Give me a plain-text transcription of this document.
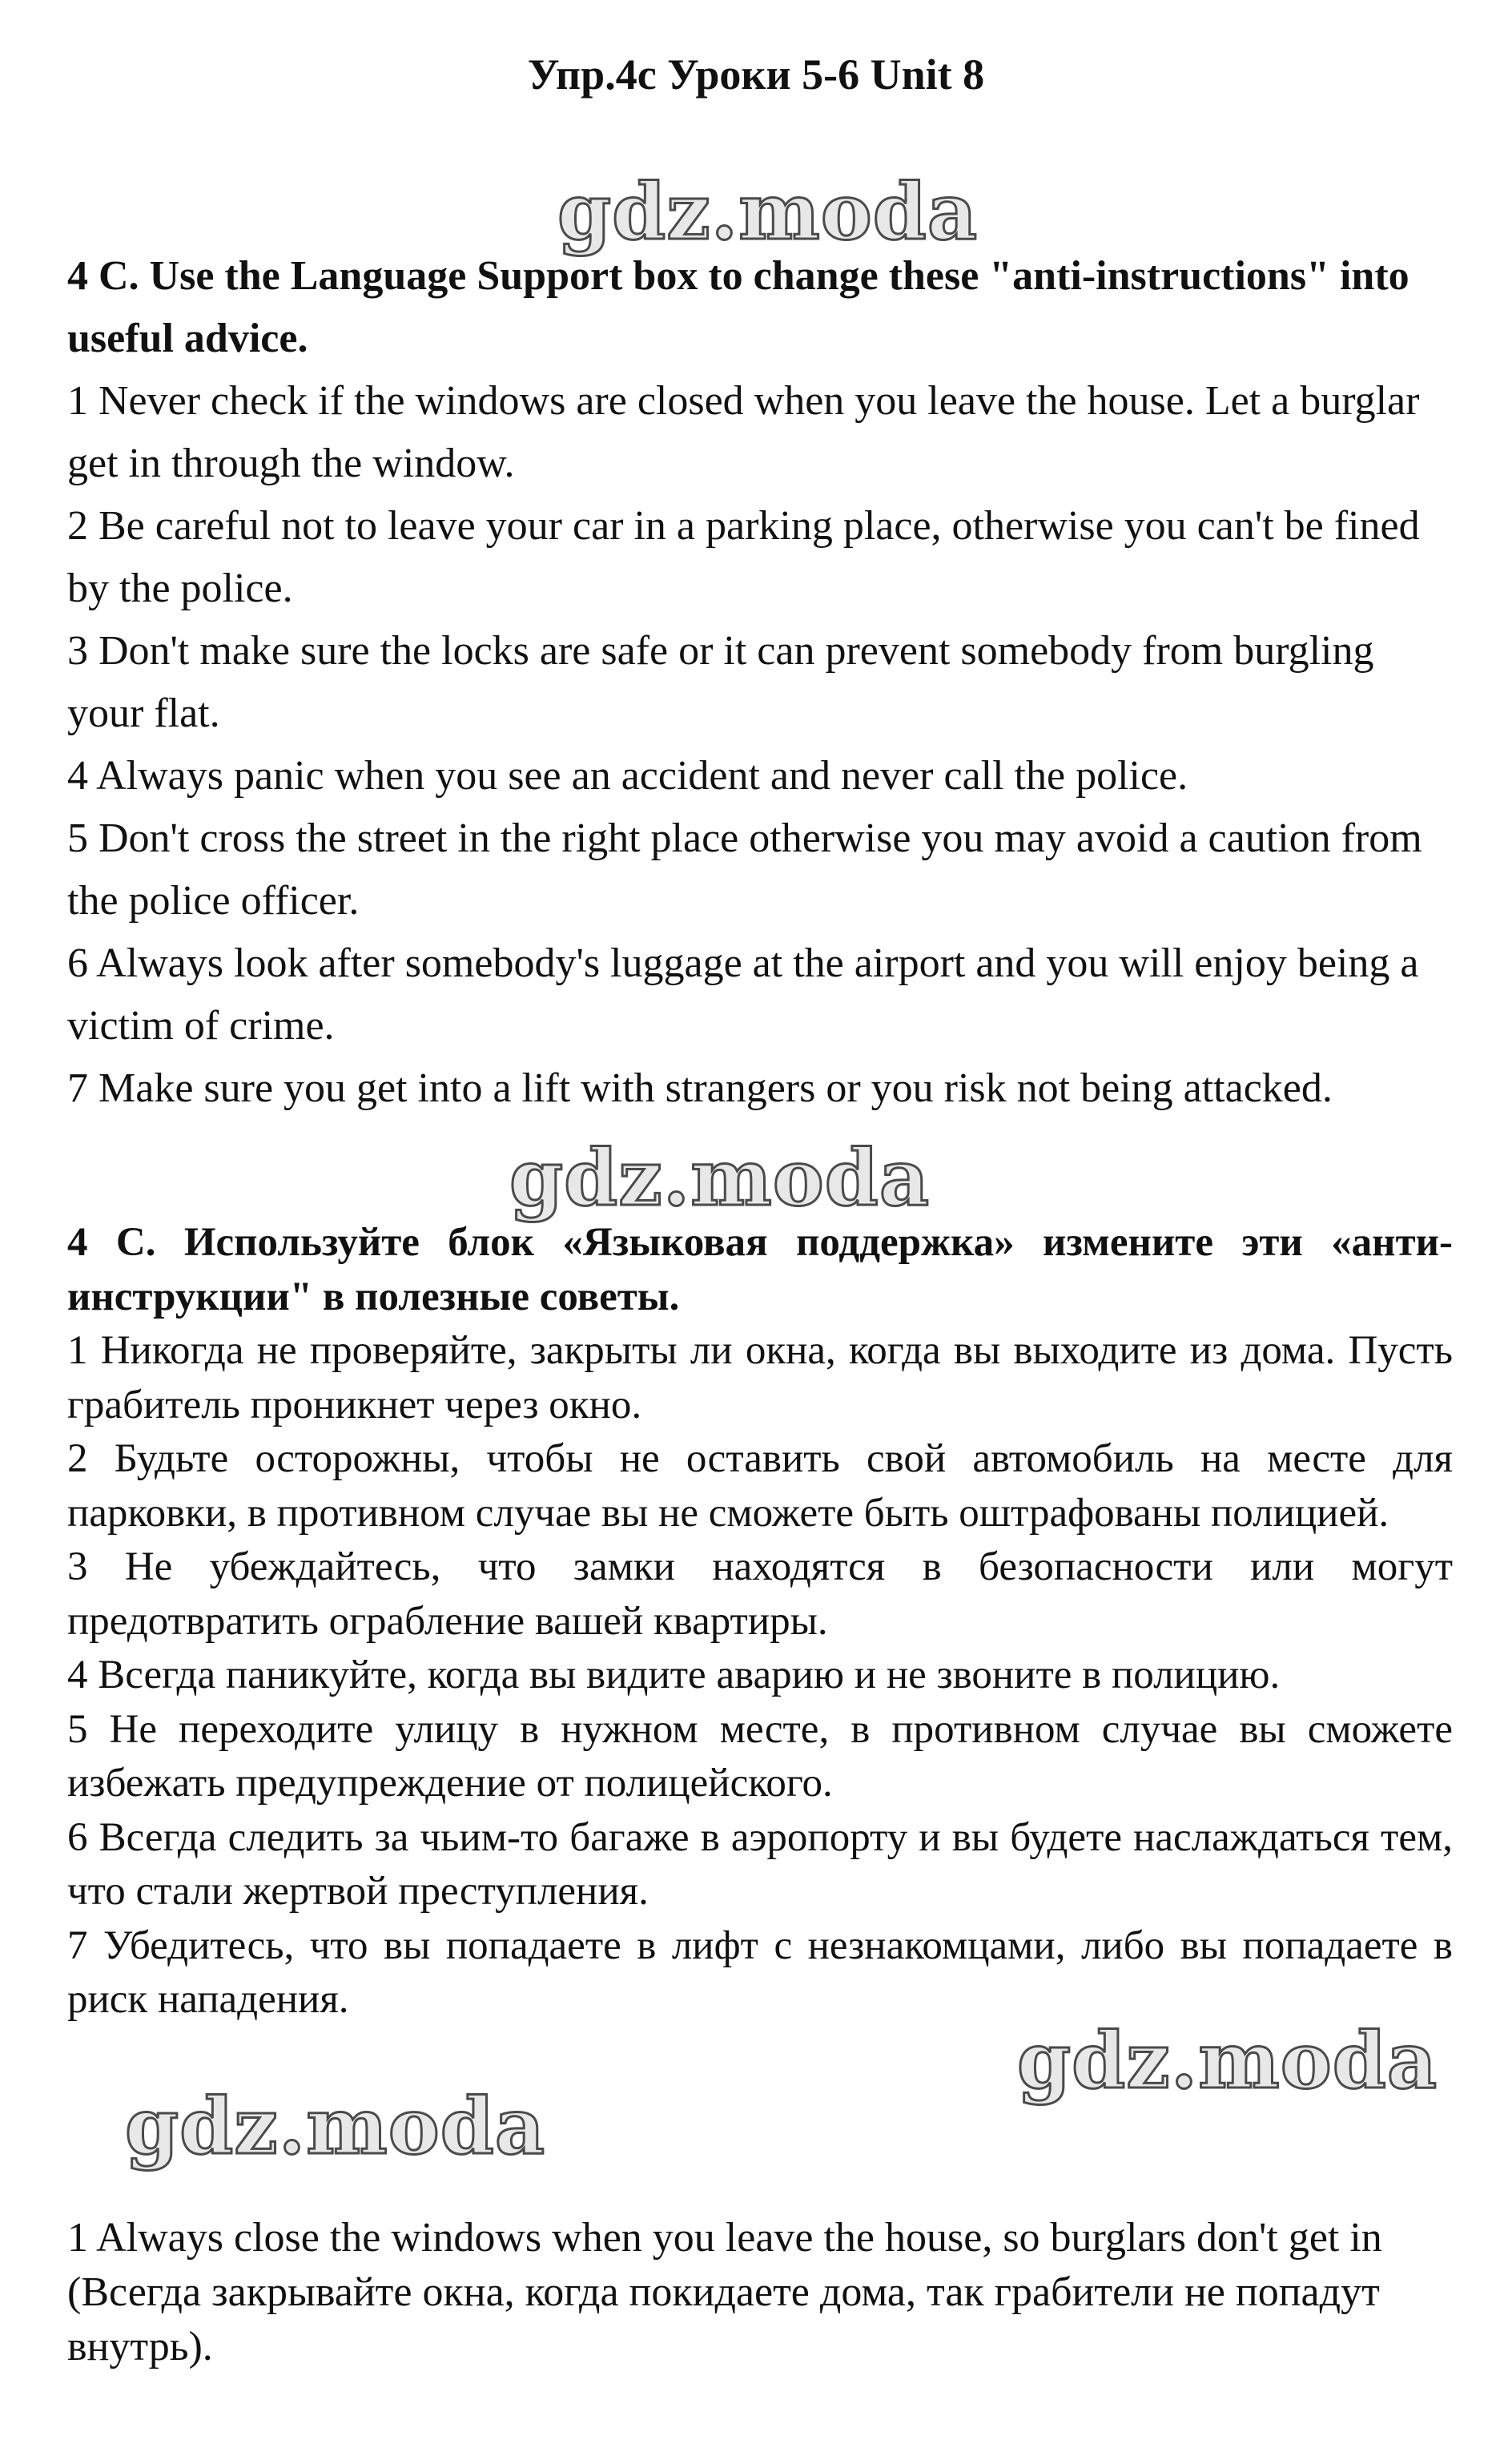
Упр.4с Уроки 5-6 Unit 8
gdz.moda

4 C. Use the Language Support box to change these "anti-instructions" into useful advice.

1 Never check if the windows are closed when you leave the house. Let a burglar get in through the window.

2 Be careful not to leave your car in a parking place, otherwise you can't be fined by the police.

3 Don't make sure the locks are safe or it can prevent somebody from burgling your flat.

4 Always panic when you see an accident and never call the police.

5 Don't cross the street in the right place otherwise you may avoid a caution from the police officer.

6 Always look after somebody's luggage at the airport and you will enjoy being a victim of crime.

7 Make sure you get into a lift with strangers or you risk not being attacked.

gdz.moda

4 С. Используйте блок «Языковая поддержка» измените эти «анти-инструкции" в полезные советы.

1 Никогда не проверяйте, закрыты ли окна, когда вы выходите из дома. Пусть грабитель проникнет через окно.

2 Будьте осторожны, чтобы не оставить свой автомобиль на месте для парковки, в противном случае вы не сможете быть оштрафованы полицией.

3 Не убеждайтесь, что замки находятся в безопасности или могут предотвратить ограбление вашей квартиры.

4 Всегда паникуйте, когда вы видите аварию и не звоните в полицию.

5 Не переходите улицу в нужном месте, в противном случае вы сможете избежать предупреждение от полицейского.

6 Всегда следить за чьим-то багаже в аэропорту и вы будете наслаждаться тем, что стали жертвой преступления.

7 Убедитесь, что вы попадаете в лифт с незнакомцами, либо вы попадаете в риск нападения.

gdz.moda
gdz.moda

1 Always close the windows when you leave the house, so burglars don't get in (Всегда закрывайте окна, когда покидаете дома, так грабители не попадут внутрь).
